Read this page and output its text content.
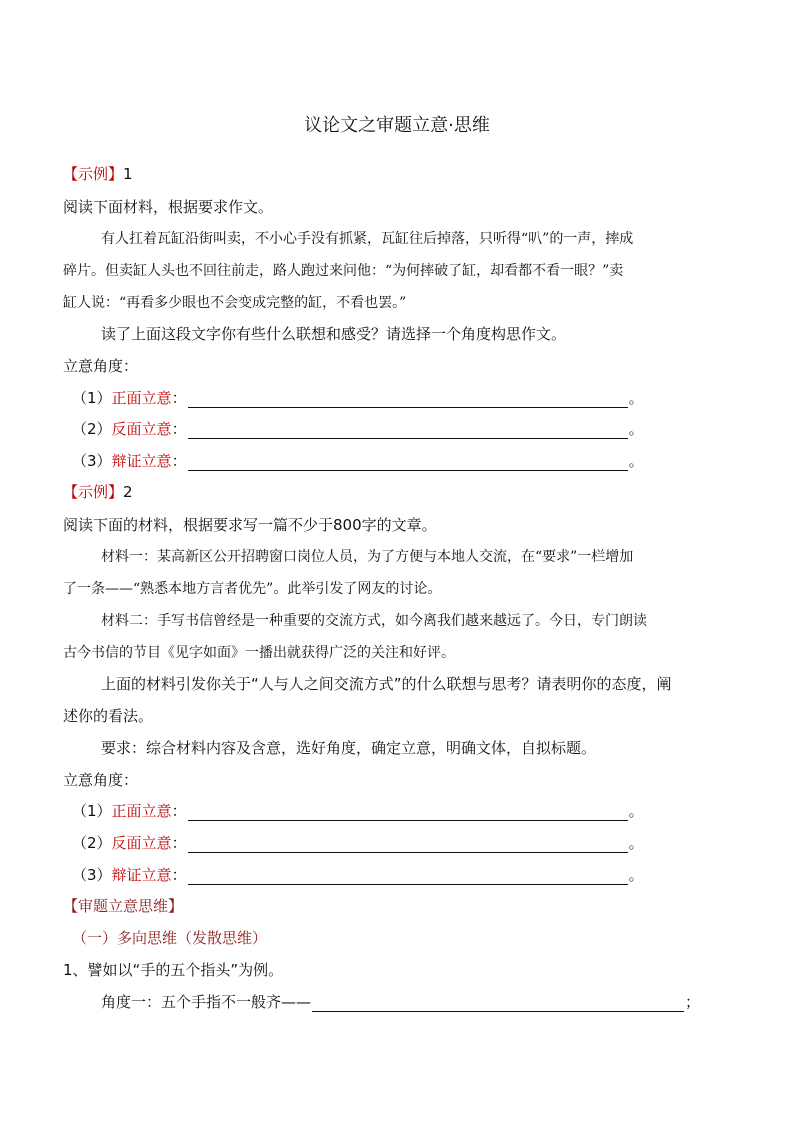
议论文之审题立意·思维
【示例】1
阅读下面材料，根据要求作文。
有人扛着瓦缸沿街叫卖，不小心手没有抓紧，瓦缸往后掉落，只听得“叭”的一声，摔成
碎片。但卖缸人头也不回往前走，路人跑过来问他：“为何摔破了缸，却看都不看一眼？”卖
缸人说：“再看多少眼也不会变成完整的缸，不看也罢。”
读了上面这段文字你有些什么联想和感受？请选择一个角度构思作文。
立意角度：
（1）正面立意：	。
（2）反面立意：	。
（3）辩证立意：	。
【示例】2
阅读下面的材料，根据要求写一篇不少于800字的文章。
材料一：某高新区公开招聘窗口岗位人员，为了方便与本地人交流，在“要求”一栏增加
了一条——“熟悉本地方言者优先”。此举引发了网友的讨论。
材料二：手写书信曾经是一种重要的交流方式，如今离我们越来越远了。今日，专门朗读
古今书信的节目《见字如面》一播出就获得广泛的关注和好评。
上面的材料引发你关于“人与人之间交流方式”的什么联想与思考？请表明你的态度，阐
述你的看法。
要求：综合材料内容及含意，选好角度，确定立意，明确文体，自拟标题。
立意角度：
（1）正面立意：	。
（2）反面立意：	。
（3）辩证立意：	。
【审题立意思维】
（一）多向思维（发散思维）
1、譬如以“手的五个指头”为例。
角度一：五个手指不一般齐——	；
